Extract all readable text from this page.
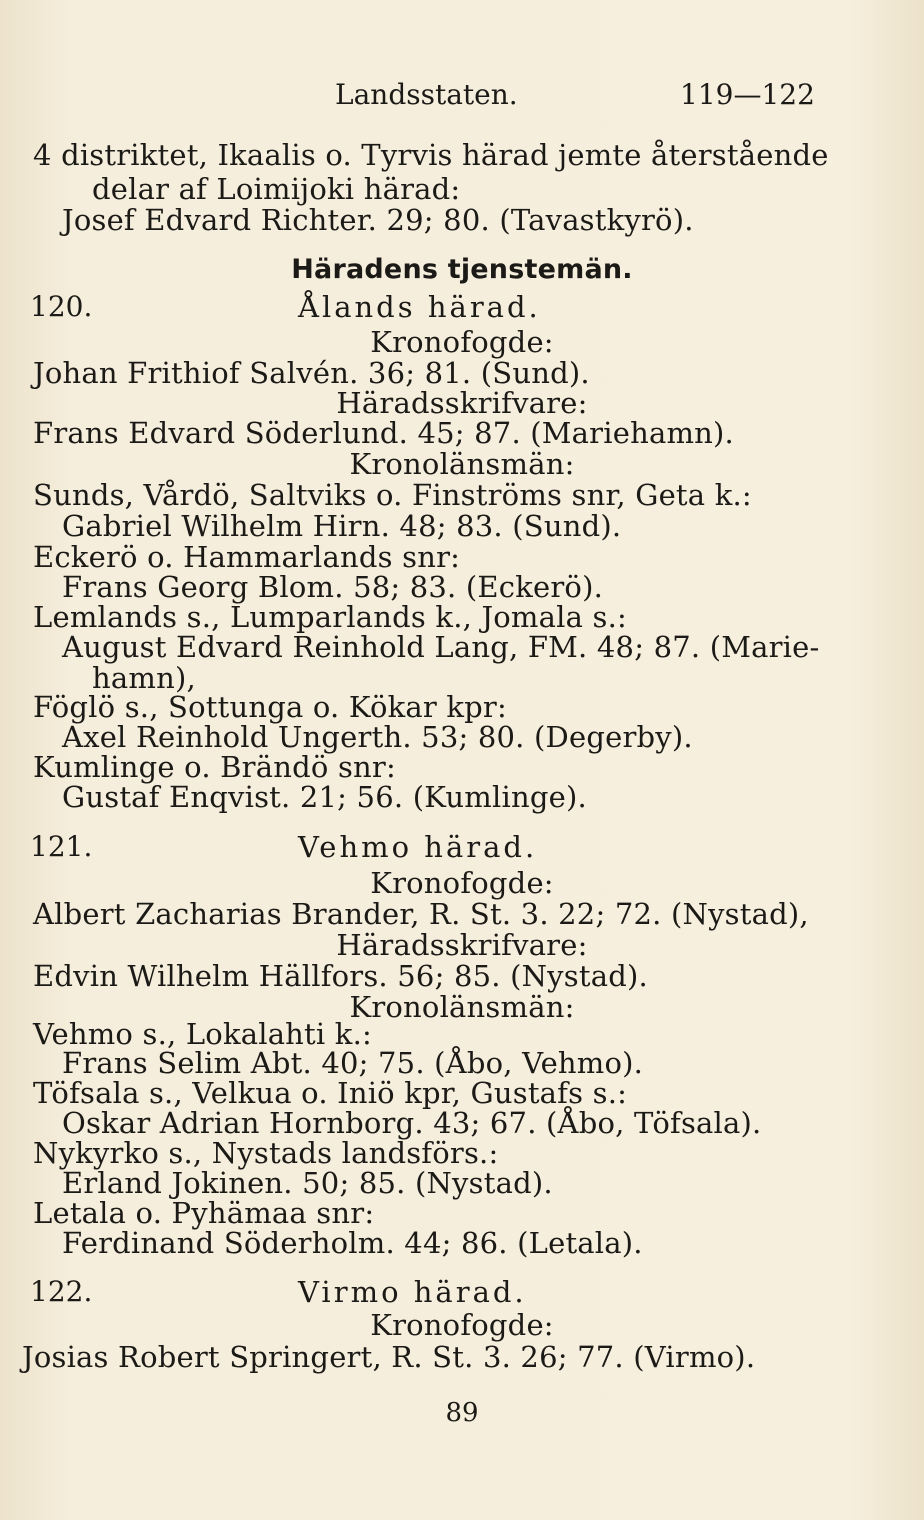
Landsstaten.	119—122
4 distriktet, Ikaalis o. Tyrvis härad jemte återstående
delar af Loimijoki härad:
Josef Edvard Richter. 29; 80. (Tavastkyrö).
Häradens tjenstemän.
120.	Ålands härad.
Kronofogde:
Johan Frithiof Salvén. 36; 81. (Sund).
Häradsskrifvare:
Frans Edvard Söderlund. 45; 87. (Mariehamn).
Kronolänsmän:
Sunds, Vårdö, Saltviks o. Finströms snr, Geta k.:
Gabriel Wilhelm Hirn. 48; 83. (Sund).
Eckerö o. Hammarlands snr:
Frans Georg Blom. 58; 83. (Eckerö).
Lemlands s., Lumparlands k., Jomala s.:
August Edvard Reinhold Lang, FM. 48; 87. (Marie-
hamn),
Föglö s., Sottunga o. Kökar kpr:
Axel Reinhold Ungerth. 53; 80. (Degerby).
Kumlinge o. Brändö snr:
Gustaf Enqvist. 21; 56. (Kumlinge).
121.	Vehmo härad.
Kronofogde:
Albert Zacharias Brander, R. St. 3. 22; 72. (Nystad),
Häradsskrifvare:
Edvin Wilhelm Hällfors. 56; 85. (Nystad).
Kronolänsmän:
Vehmo s., Lokalahti k.:
Frans Selim Abt. 40; 75. (Åbo, Vehmo).
Töfsala s., Velkua o. Iniö kpr, Gustafs s.:
Oskar Adrian Hornborg. 43; 67. (Åbo, Töfsala).
Nykyrko s., Nystads landsförs.:
Erland Jokinen. 50; 85. (Nystad).
Letala o. Pyhämaa snr:
Ferdinand Söderholm. 44; 86. (Letala).
122.	Virmo härad.
Kronofogde:
Josias Robert Springert, R. St. 3. 26; 77. (Virmo).
89
